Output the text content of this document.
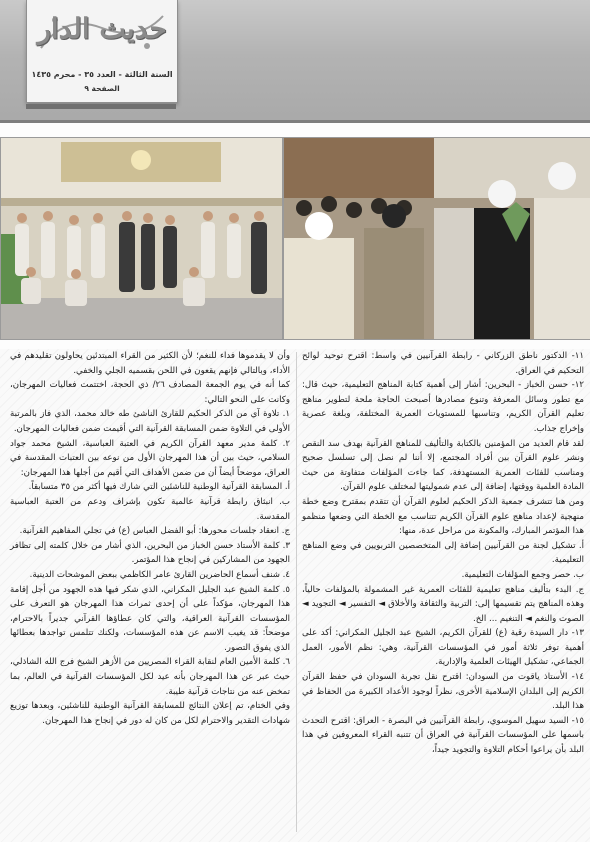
حديث الدار
السنة الثالثة - العدد ٣٥ - محرم ١٤٣٥
الصفحة ٩

١١- الدكتور ناطق الزركاني - رابطة القرآنيين في واسط: اقترح توحيد لوائح التحكيم في العراق.

١٢- حسن الخباز - البحرين: أشار إلى أهمية كتابة المناهج التعليمية، حيث قال: مع تطور وسائل المعرفة وتنوع مصادرها أصبحت الحاجة ملحة لتطوير مناهج تعليم القرآن الكريم، وتناسبها للمستويات العمرية المختلفة، وبلغة عصرية وإخراج جذاب.

لقد قام العديد من المؤمنين بالكتابة والتأليف للمناهج القرآنية بهدف سد النقص ونشر علوم القرآن بين أفراد المجتمع، إلا أننا لم نصل إلى تسلسل صحيح ومناسب للفئات العمرية المستهدفة، كما جاءت المؤلفات متفاوتة من حيث المادة العلمية ووقتها، إضافة إلى عدم شموليتها لمختلف علوم القرآن.

ومن هنا تتشرف جمعية الذكر الحكيم لعلوم القرآن أن تتقدم بمقترح وضع خطة منهجية لإعداد مناهج علوم القرآن الكريم تتناسب مع الخطة التي وضعها منظمو هذا المؤتمر المبارك، والمكونة من مراحل عدة، منها:

أ. تشكيل لجنة من القرآنيين إضافة إلى المتخصصين التربويين في وضع المناهج التعليمية.

ب. حصر وجمع المؤلفات التعليمية.

ج. البدء بتأليف مناهج تعليمية للفئات العمرية غير المشمولة بالمؤلفات حالياً، وهذه المناهج يتم تقسيمها إلى: التربية والثقافة والأخلاق ◄ التفسير ◄ التجويد ◄ الصوت والنغم ◄ التنغيم ... الخ.

١٣- دار السيدة رقية (ع) للقرآن الكريم، الشيخ عبد الجليل المكراني: أكد على أهمية توفر ثلاثة أمور في المؤسسات القرآنية، وهي: نظم الأمور، العمل الجماعي، تشكيل الهيئات العلمية والإدارية.

١٤- الأستاذ ياقوت من السودان: اقترح نقل تجربة السودان في حفظ القرآن الكريم إلى البلدان الإسلامية الأخرى، نظراً لوجود الأعداد الكبيرة من الحفاظ في هذا البلد.

١٥- السيد سهيل الموسوي، رابطة القرآنيين في البصرة - العراق: اقترح التحدث باسمها على المؤسسات القرآنية في العراق أن تتنبه القراء المعروفين في هذا البلد بأن يراعوا أحكام التلاوة والتجويد جيداً،

وأن لا يقدموها فداء للنغم؛ لأن الكثير من القراء المبتدئين يحاولون تقليدهم في الأداء، وبالتالي فإنهم يقعون في اللحن بقسميه الجلي والخفي.

كما أنه في يوم الجمعة المصادف ٢٦/ ذي الحجة، اختتمت فعاليات المهرجان، وكانت على النحو التالي:

١. تلاوة آي من الذكر الحكيم للقارئ الناشئ طه خالد محمد، الذي فاز بالمرتبة الأولى في التلاوة ضمن المسابقة القرآنية التي أقيمت ضمن فعاليات المهرجان.

٢. كلمة مدير معهد القرآن الكريم في العتبة العباسية، الشيخ محمد جواد السلامي، حيث بين أن هذا المهرجان الأول من نوعه بين العتبات المقدسة في العراق، موضحاً أيضاً أن من ضمن الأهداف التي أقيم من أجلها هذا المهرجان:

أ. المسابقة القرآنية الوطنية للناشئين التي شارك فيها أكثر من ٣٥ متسابقاً.

ب. انبثاق رابطة قرآنية عالمية تكون بإشراف ودعم من العتبة العباسية المقدسة.

ج. انعقاد جلسات محورها: أبو الفضل العباس (ع) في تجلي المفاهيم القرآنية.

٣. كلمة الأستاذ حسن الخباز من البحرين، الذي أشار من خلال كلمته إلى تظافر الجهود من المشاركين في إنجاح هذا المؤتمر.

٤. شنف أسماع الحاضرين القارئ عامر الكاظمي ببعض الموشحات الدينية.

٥. كلمة الشيخ عبد الجليل المكراني، الذي شكر فيها هذه الجهود من أجل إقامة هذا المهرجان، مؤكداً على أن إحدى ثمرات هذا المهرجان هو التعرف على المؤسسات القرآنية العراقية، والتي كان عطاؤها القرآني جديراً بالاحترام، موضحاً: قد يغيب الاسم عن هذه المؤسسات، ولكنك تتلمس تواجدها بعطائها الذي يفوق التصور.

٦. كلمة الأمين العام لنقابة القراء المصريين من الأزهر الشيخ فرج الله الشاذلي، حيث عبر عن هذا المهرجان بأنه عيد لكل المؤسسات القرآنية في العالم، بما تمخض عنه من نتاجات قرآنية طيبة.

وفي الختام، تم إعلان النتائج للمسابقة القرآنية الوطنية للناشئين، وبعدها توزيع شهادات التقدير والاحترام لكل من كان له دور في إنجاح هذا المهرجان.
